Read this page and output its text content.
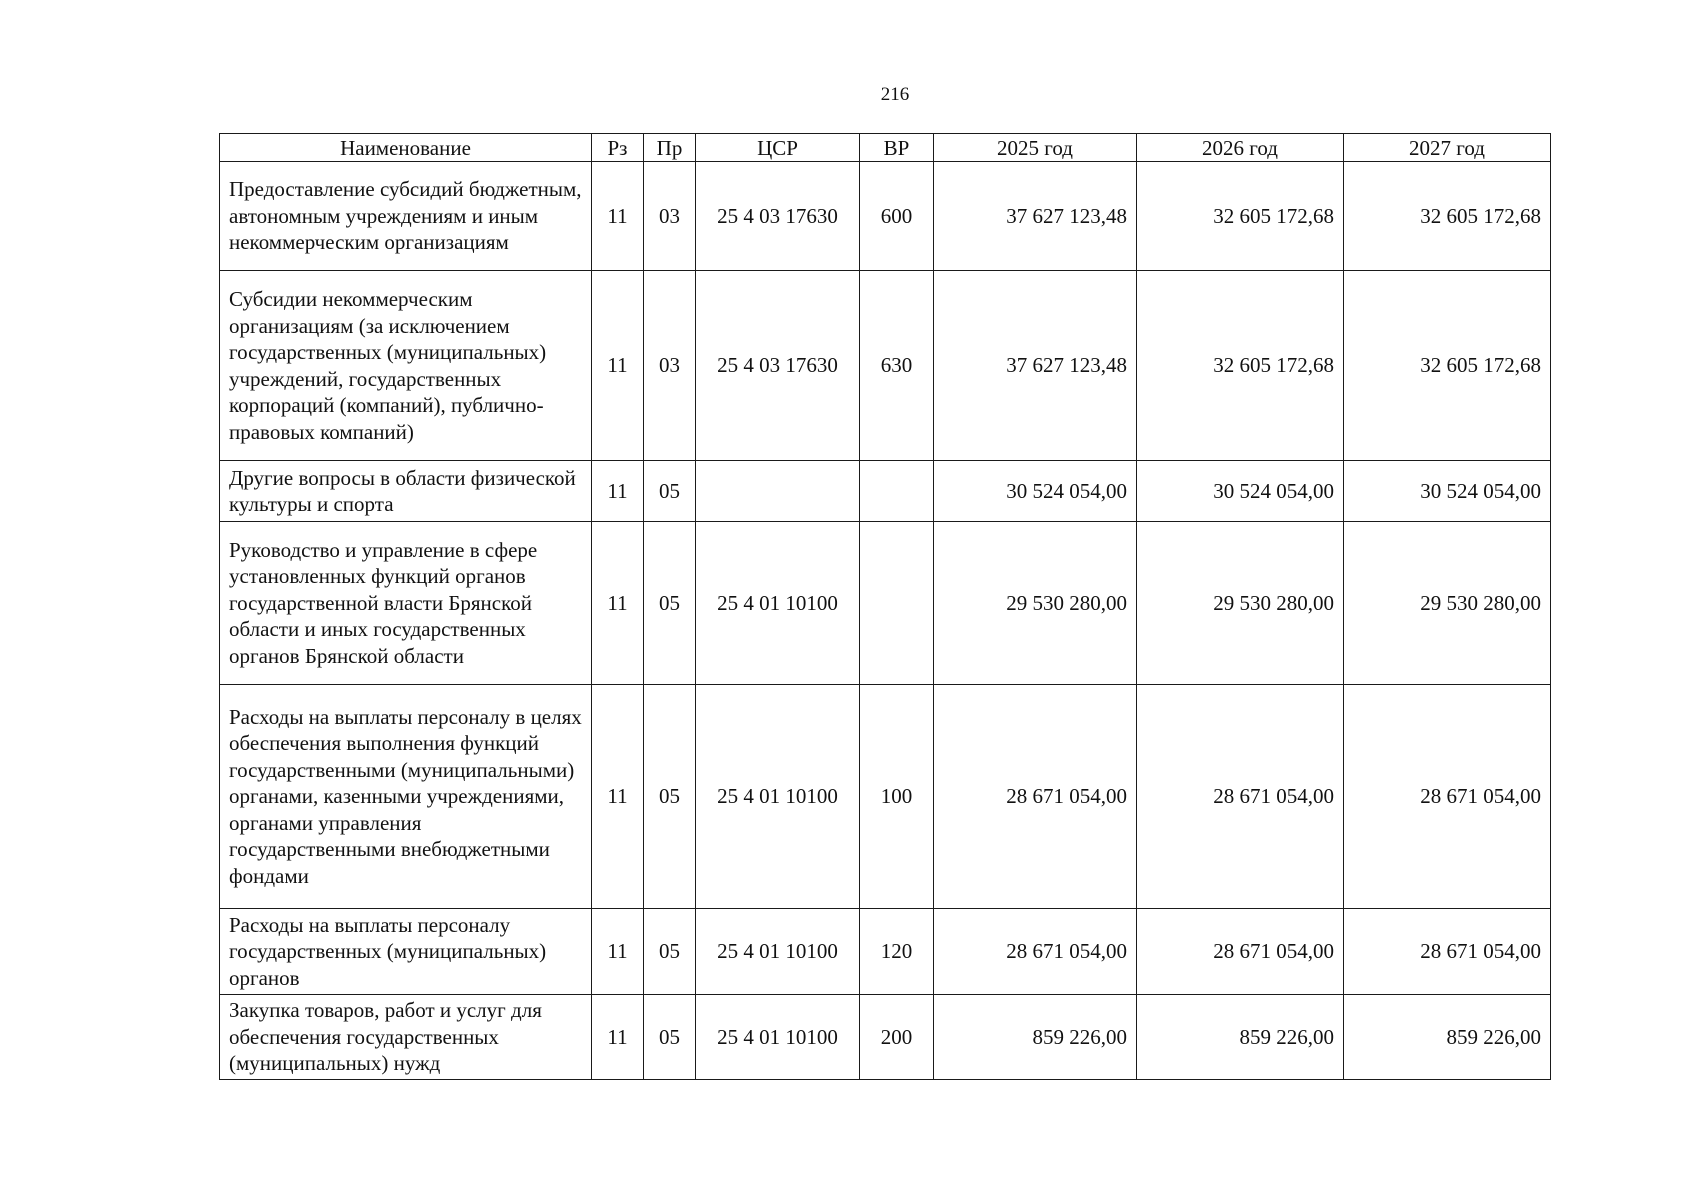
216
Наименование	Рз	Пр	ЦСР	ВР	2025 год	2026 год	2027 год
Предоставление субсидий бюджетным, автономным учреждениям и иным некоммерческим организациям	11	03	25 4 03 17630	600	37 627 123,48	32 605 172,68	32 605 172,68
Субсидии некоммерческим организациям (за исключением государственных (муниципальных) учреждений, государственных корпораций (компаний), публично-правовых компаний)	11	03	25 4 03 17630	630	37 627 123,48	32 605 172,68	32 605 172,68
Другие вопросы в области физической культуры и спорта	11	05			30 524 054,00	30 524 054,00	30 524 054,00
Руководство и управление в сфере установленных функций органов государственной власти Брянской области и иных государственных органов Брянской области	11	05	25 4 01 10100		29 530 280,00	29 530 280,00	29 530 280,00
Расходы на выплаты персоналу в целях обеспечения выполнения функций государственными (муниципальными) органами, казенными учреждениями, органами управления государственными внебюджетными фондами	11	05	25 4 01 10100	100	28 671 054,00	28 671 054,00	28 671 054,00
Расходы на выплаты персоналу государственных (муниципальных) органов	11	05	25 4 01 10100	120	28 671 054,00	28 671 054,00	28 671 054,00
Закупка товаров, работ и услуг для обеспечения государственных (муниципальных) нужд	11	05	25 4 01 10100	200	859 226,00	859 226,00	859 226,00
